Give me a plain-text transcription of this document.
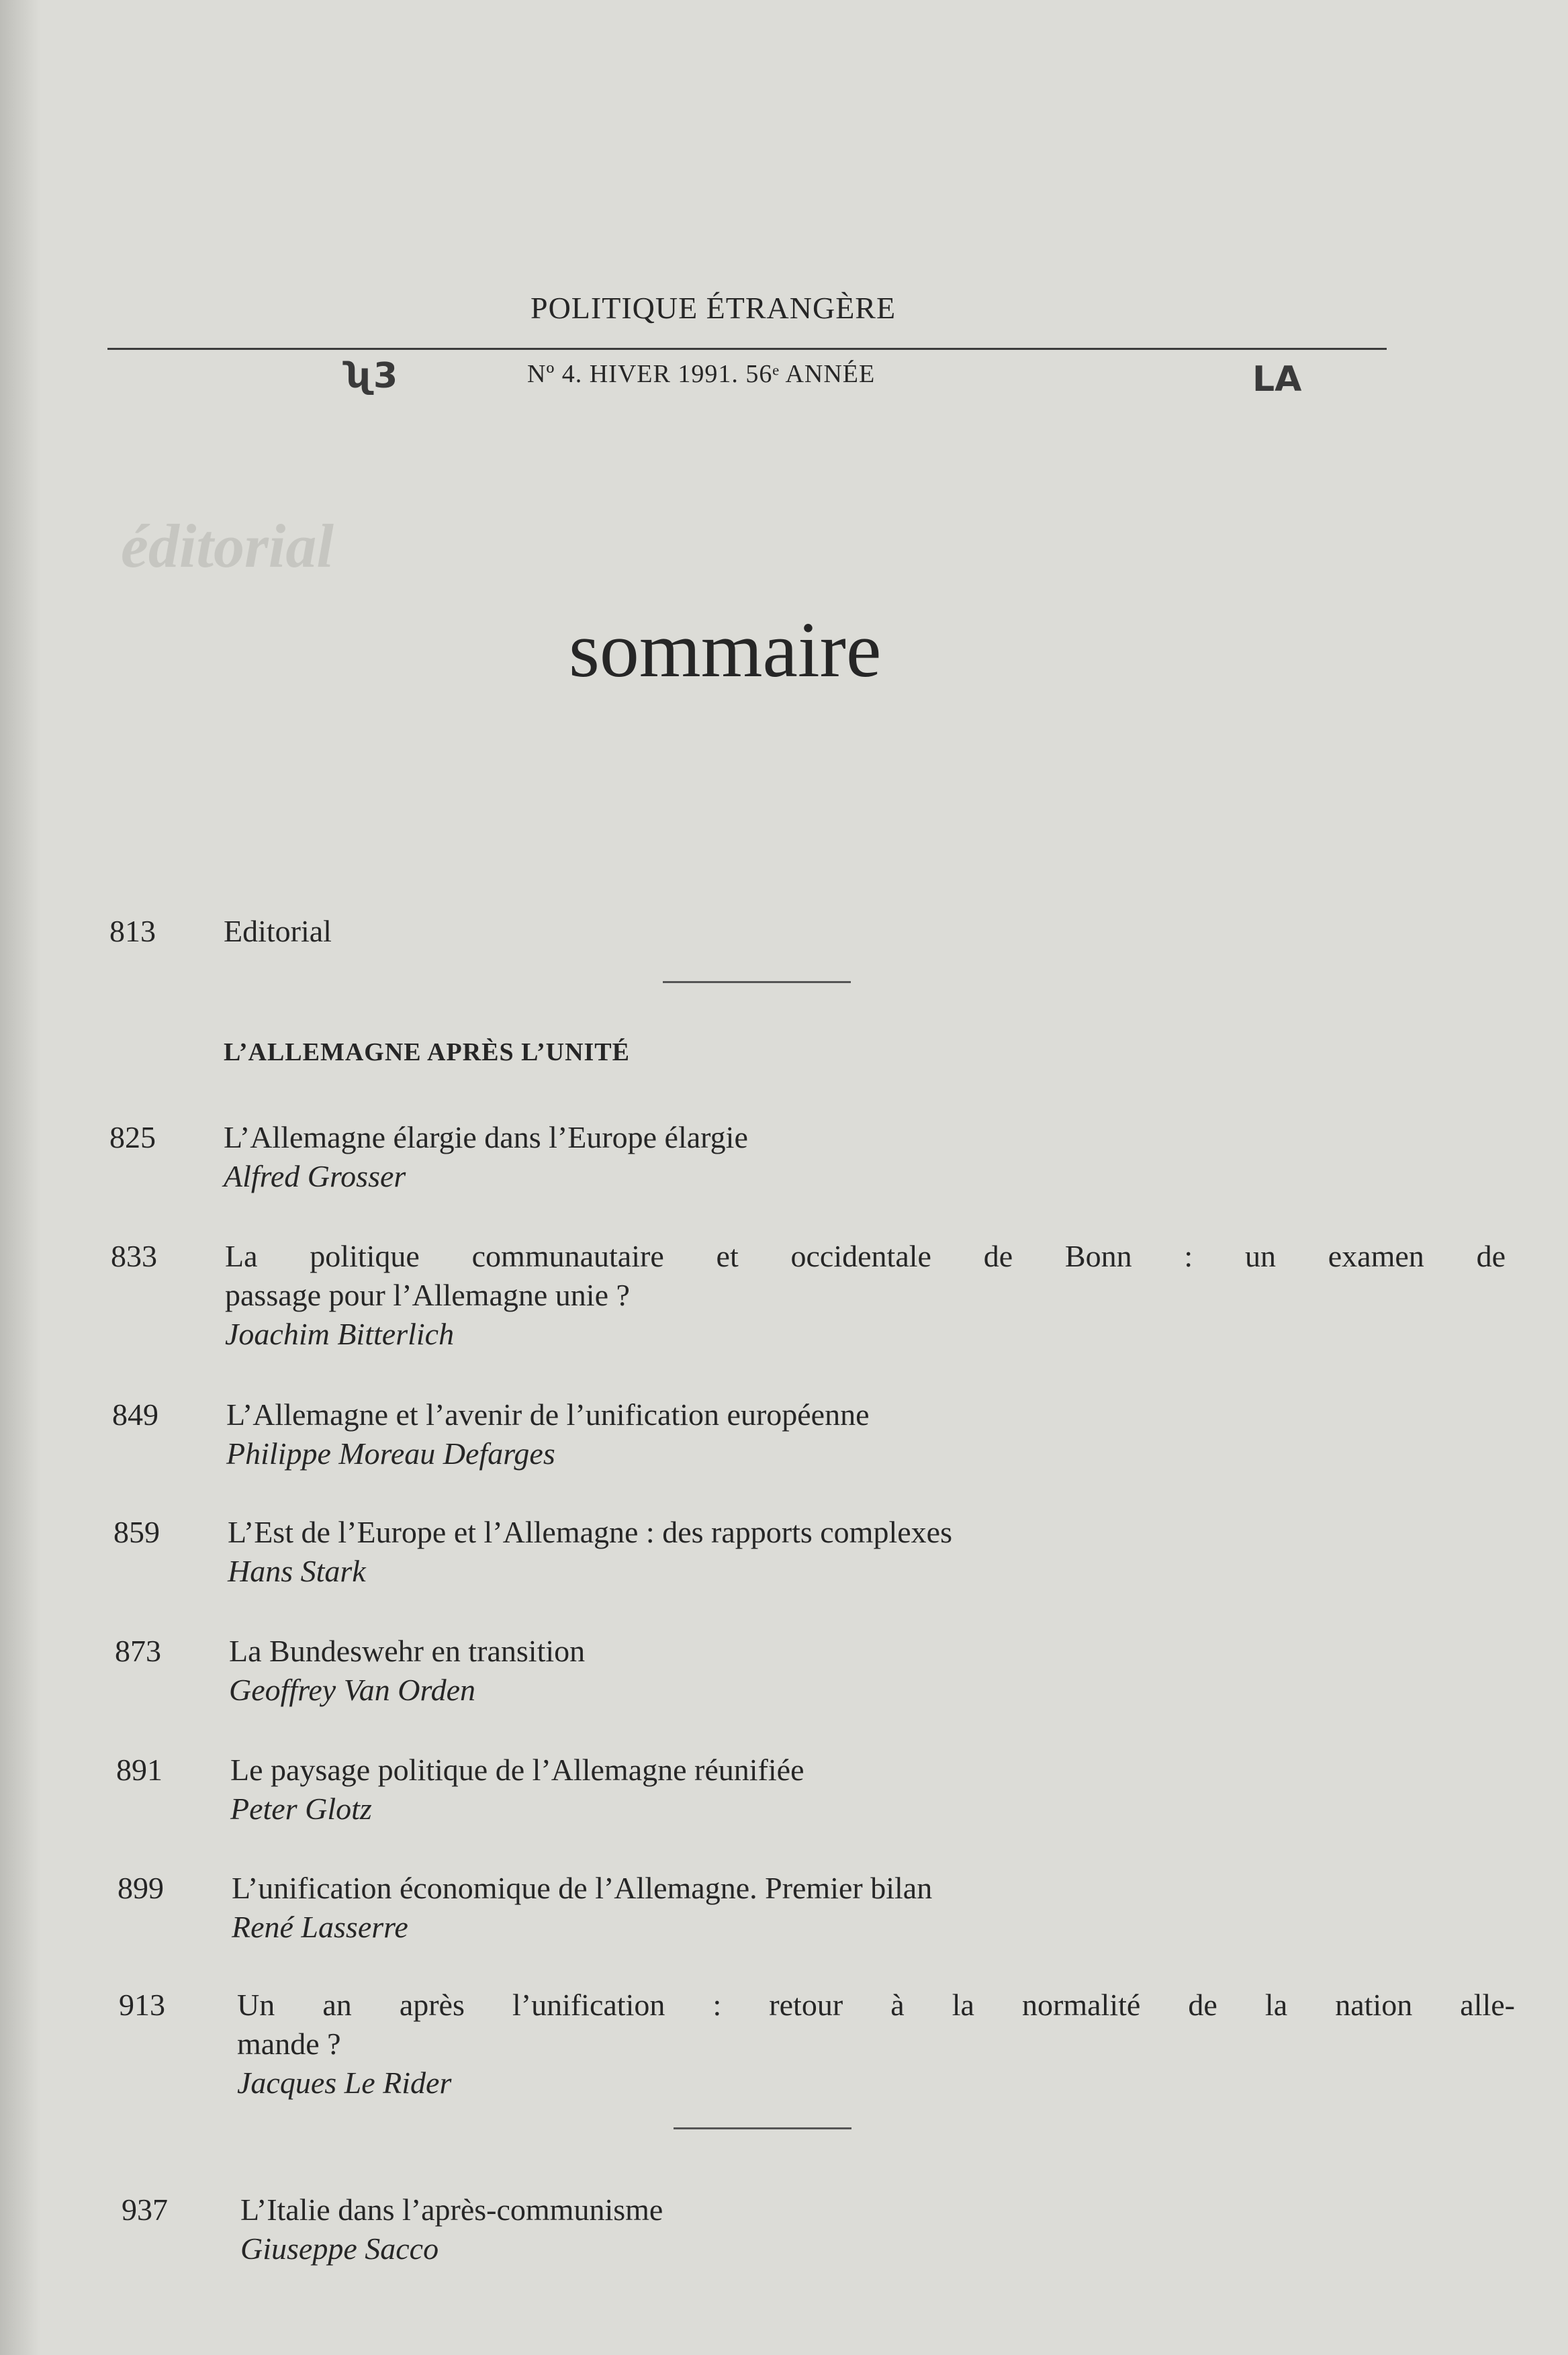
éditorial
POLITIQUE ÉTRANGÈRE
ʯ3	Nº 4. HIVER 1991. 56ᵉ ANNÉE	LA
sommaire
813 Editorial
L’ALLEMAGNE APRÈS L’UNITÉ
825 L’Allemagne élargie dans l’Europe élargie
Alfred Grosser
833 La politique communautaire et occidentale de Bonn : un examen de
passage pour l’Allemagne unie ?
Joachim Bitterlich
849 L’Allemagne et l’avenir de l’unification européenne
Philippe Moreau Defarges
859 L’Est de l’Europe et l’Allemagne : des rapports complexes
Hans Stark
873 La Bundeswehr en transition
Geoffrey Van Orden
891 Le paysage politique de l’Allemagne réunifiée
Peter Glotz
899 L’unification économique de l’Allemagne. Premier bilan
René Lasserre
913 Un an après l’unification : retour à la normalité de la nation alle-
mande ?
Jacques Le Rider
937 L’Italie dans l’après-communisme
Giuseppe Sacco
